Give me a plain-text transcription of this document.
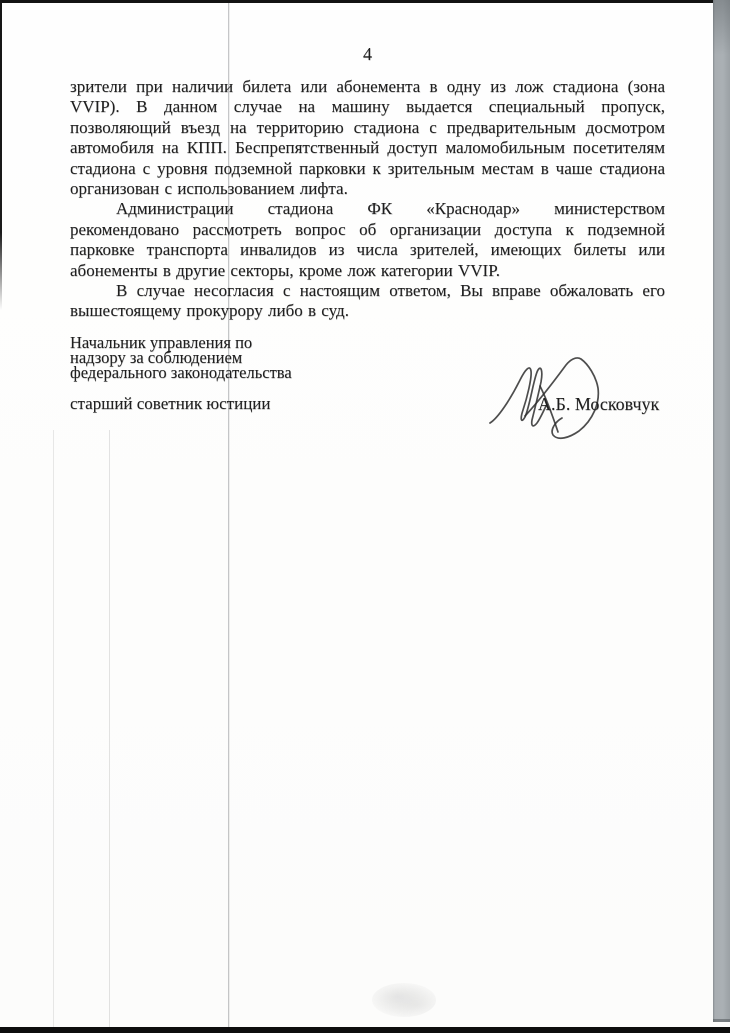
4
зрители при наличии билета или абонемента в одну из лож стадиона (зона
VVIP). В данном случае на машину выдается специальный пропуск,
позволяющий въезд на территорию стадиона с предварительным досмотром
автомобиля на КПП. Беспрепятственный доступ маломобильным посетителям
стадиона с уровня подземной парковки к зрительным местам в чаше стадиона
организован с использованием лифта.
Администрации стадиона ФК «Краснодар» министерством
рекомендовано рассмотреть вопрос об организации доступа к подземной
парковке транспорта инвалидов из числа зрителей, имеющих билеты или
абонементы в другие секторы, кроме лож категории VVIP.
В случае несогласия с настоящим ответом, Вы вправе обжаловать его
вышестоящему прокурору либо в суд.
Начальник управления по
надзору за соблюдением
федерального законодательства
старший советник юстиции	А.Б. Московчук
